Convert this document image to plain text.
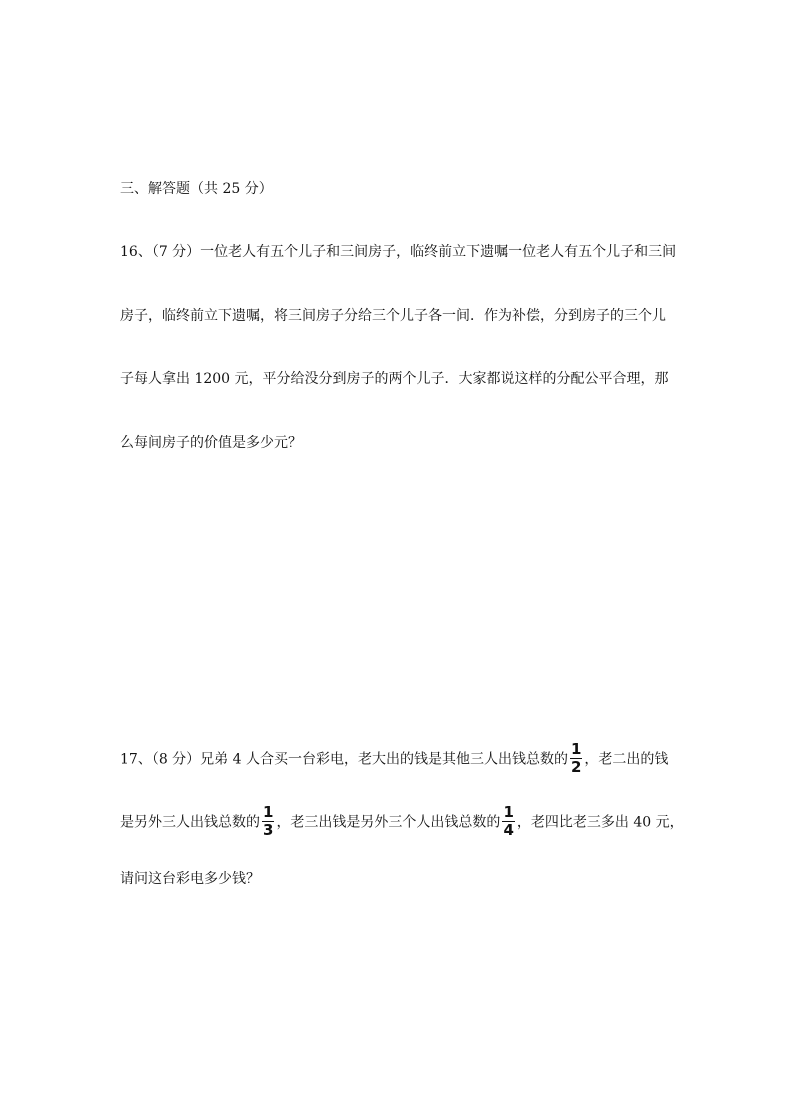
三、解答题（共 25 分）
16、（7 分）一位老人有五个儿子和三间房子，临终前立下遗嘱一位老人有五个儿子和三间
房子，临终前立下遗嘱，将三间房子分给三个儿子各一间．作为补偿，分到房子的三个儿
子每人拿出 1200 元，平分给没分到房子的两个儿子．大家都说这样的分配公平合理，那
么每间房子的价值是多少元？
17、（8 分）兄弟 4 人合买一台彩电，老大出的钱是其他三人出钱总数的 $\frac{1}{2}$ ，老二出的钱
是另外三人出钱总数的 $\frac{1}{3}$ ，老三出钱是另外三个人出钱总数的 $\frac{1}{4}$ ，老四比老三多出 40 元，
请问这台彩电多少钱？
